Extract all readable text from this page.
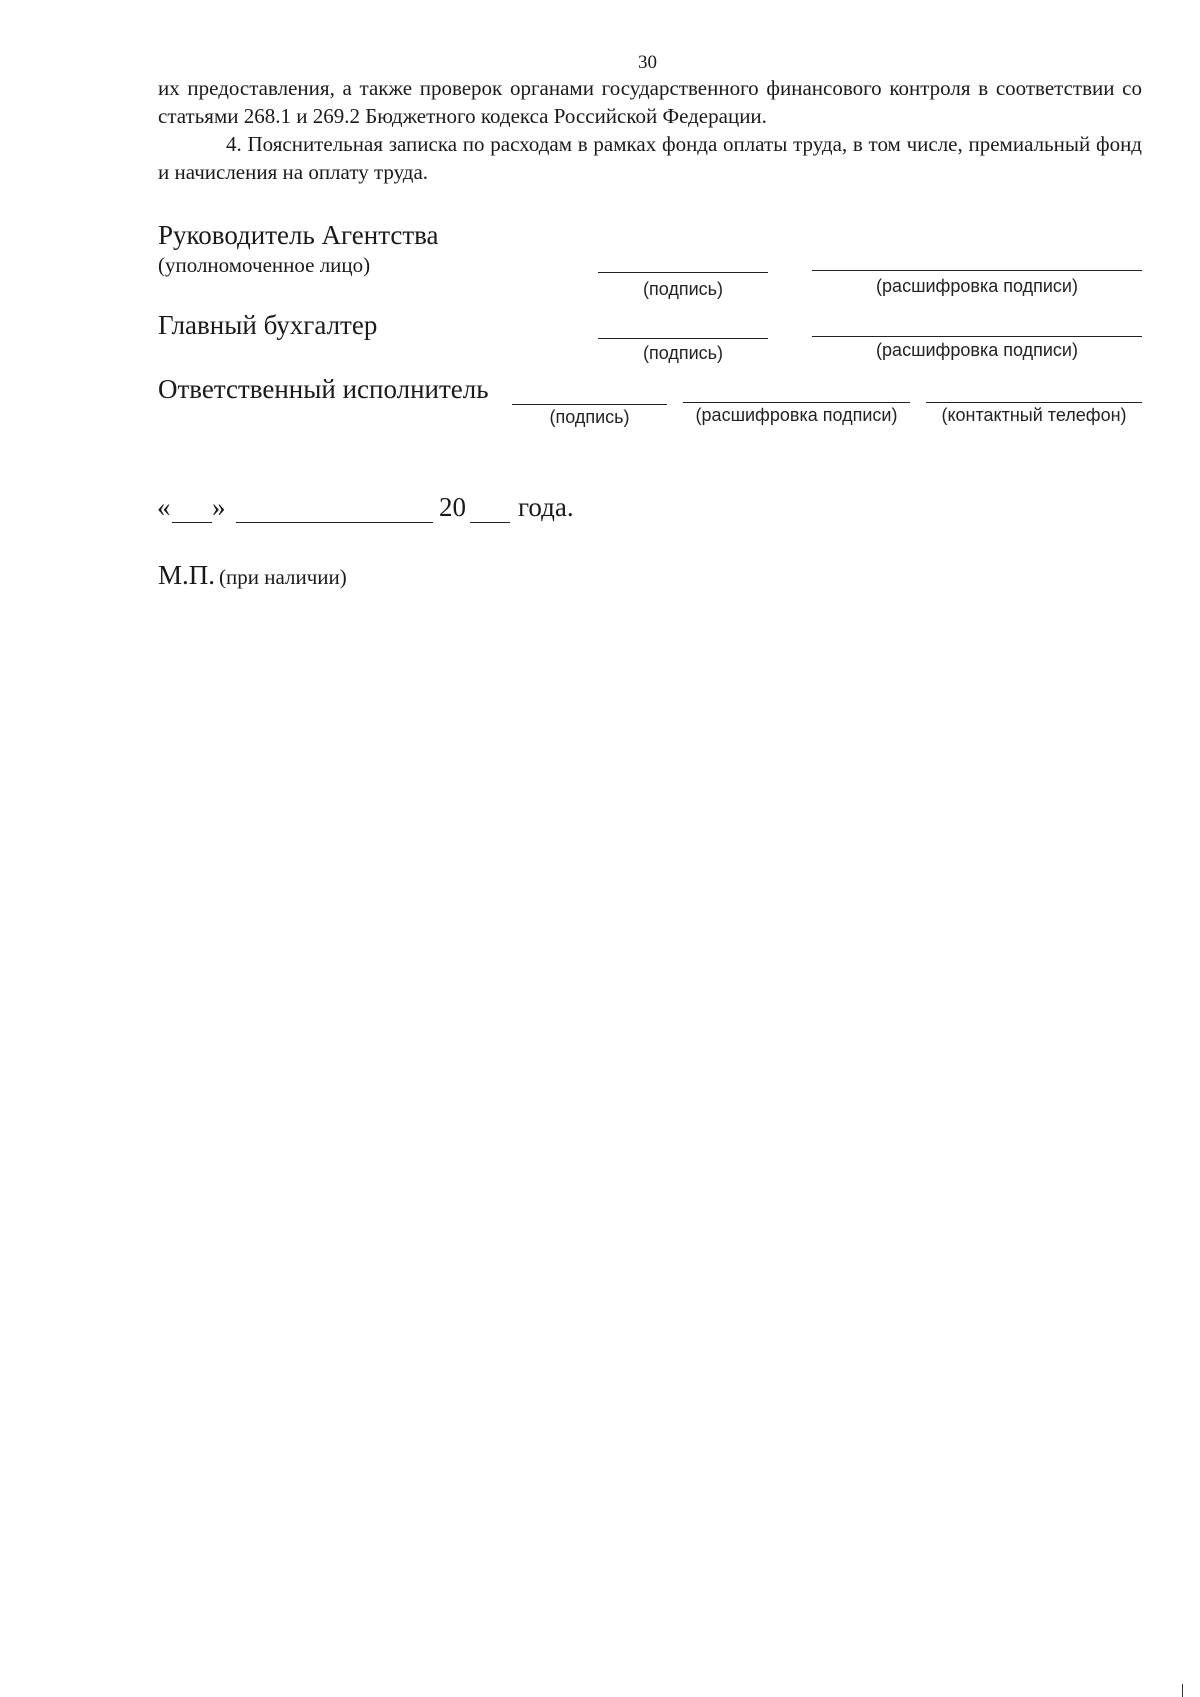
30
их предоставления, а также проверок органами государственного финансового контроля в соответствии со статьями 268.1 и 269.2 Бюджетного кодекса Российской Федерации.
4. Пояснительная записка по расходам в рамках фонда оплаты труда, в том числе, премиальный фонд и начисления на оплату труда.
Руководитель Агентства
(уполномоченное лицо)
(подпись)	(расшифровка подписи)
Главный бухгалтер
(подпись)	(расшифровка подписи)
Ответственный исполнитель
(подпись)	(расшифровка подписи)	(контактный телефон)
« »	20 года.
М.П. (при наличии)
